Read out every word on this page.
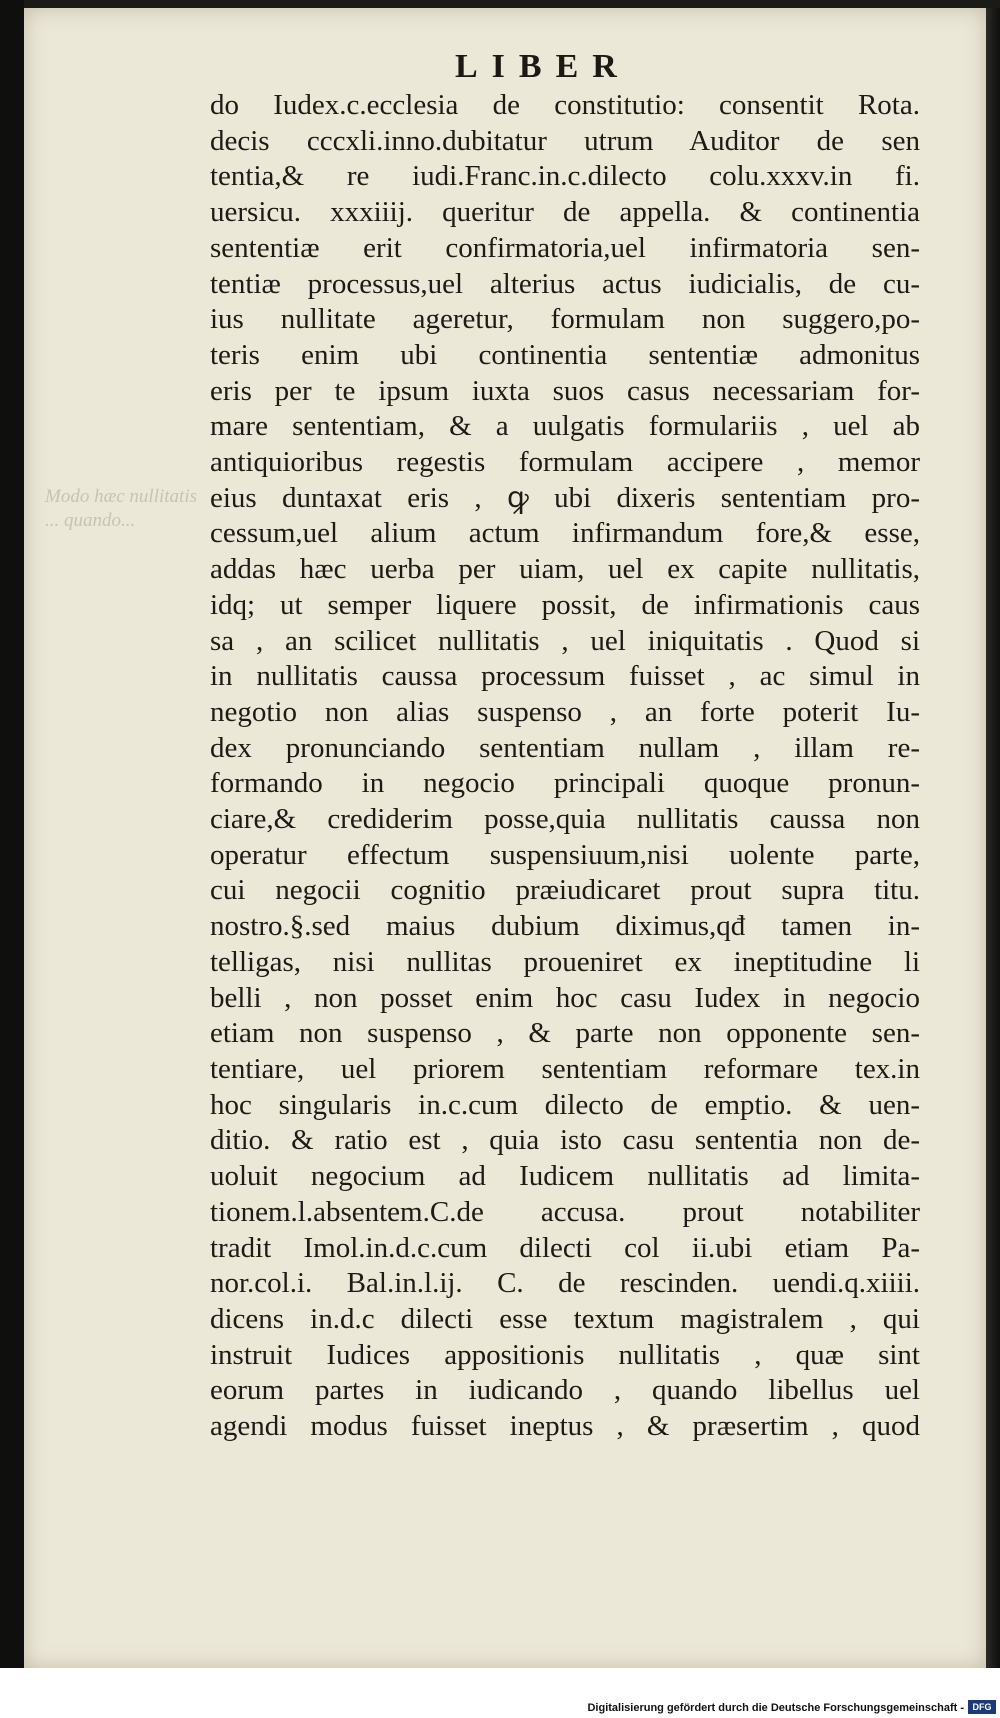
Modo hæc nullitatis ... quando...
LIBER
do Iudex.c.ecclesia de constitutio: consentit Rota.
decis cccxli.inno.dubitatur utrum Auditor de sen
tentia,& re iudi.Franc.in.c.dilecto colu.xxxv.in fi.
uersicu. xxxiiij. queritur de appella. & continentia
sententiæ erit confirmatoria,uel infirmatoria sen-
tentiæ processus,uel alterius actus iudicialis, de cu-
ius nullitate ageretur, formulam non suggero,po-
teris enim ubi continentia sententiæ admonitus
eris per te ipsum iuxta suos casus necessariam for-
mare sententiam, & a uulgatis formulariis , uel ab
antiquioribus regestis formulam accipere , memor
eius duntaxat eris , ꝙ ubi dixeris sententiam pro-
cessum,uel alium actum infirmandum fore,& esse,
addas hæc uerba per uiam, uel ex capite nullitatis,
idq; ut semper liquere possit, de infirmationis caus
sa , an scilicet nullitatis , uel iniquitatis . Quod si
in nullitatis caussa processum fuisset , ac simul in
negotio non alias suspenso , an forte poterit Iu-
dex pronunciando sententiam nullam , illam re-
formando in negocio principali quoque pronun-
ciare,& crediderim posse,quia nullitatis caussa non
operatur effectum suspensiuum,nisi uolente parte,
cui negocii cognitio præiudicaret prout supra titu.
nostro.§.sed maius dubium diximus,qđ tamen in-
telligas, nisi nullitas proueniret ex ineptitudine li
belli , non posset enim hoc casu Iudex in negocio
etiam non suspenso , & parte non opponente sen-
tentiare, uel priorem sententiam reformare tex.in
hoc singularis in.c.cum dilecto de emptio. & uen-
ditio. & ratio est , quia isto casu sententia non de-
uoluit negocium ad Iudicem nullitatis ad limita-
tionem.l.absentem.C.de accusa. prout notabiliter
tradit Imol.in.d.c.cum dilecti col ii.ubi etiam Pa-
nor.col.i. Bal.in.l.ij. C. de rescinden. uendi.q.xiiii.
dicens in.d.c dilecti esse textum magistralem , qui
instruit Iudices appositionis nullitatis , quæ sint
eorum partes in iudicando , quando libellus uel
agendi modus fuisset ineptus , & præsertim , quod
Digitalisierung gefördert durch die Deutsche Forschungsgemeinschaft - DFG
